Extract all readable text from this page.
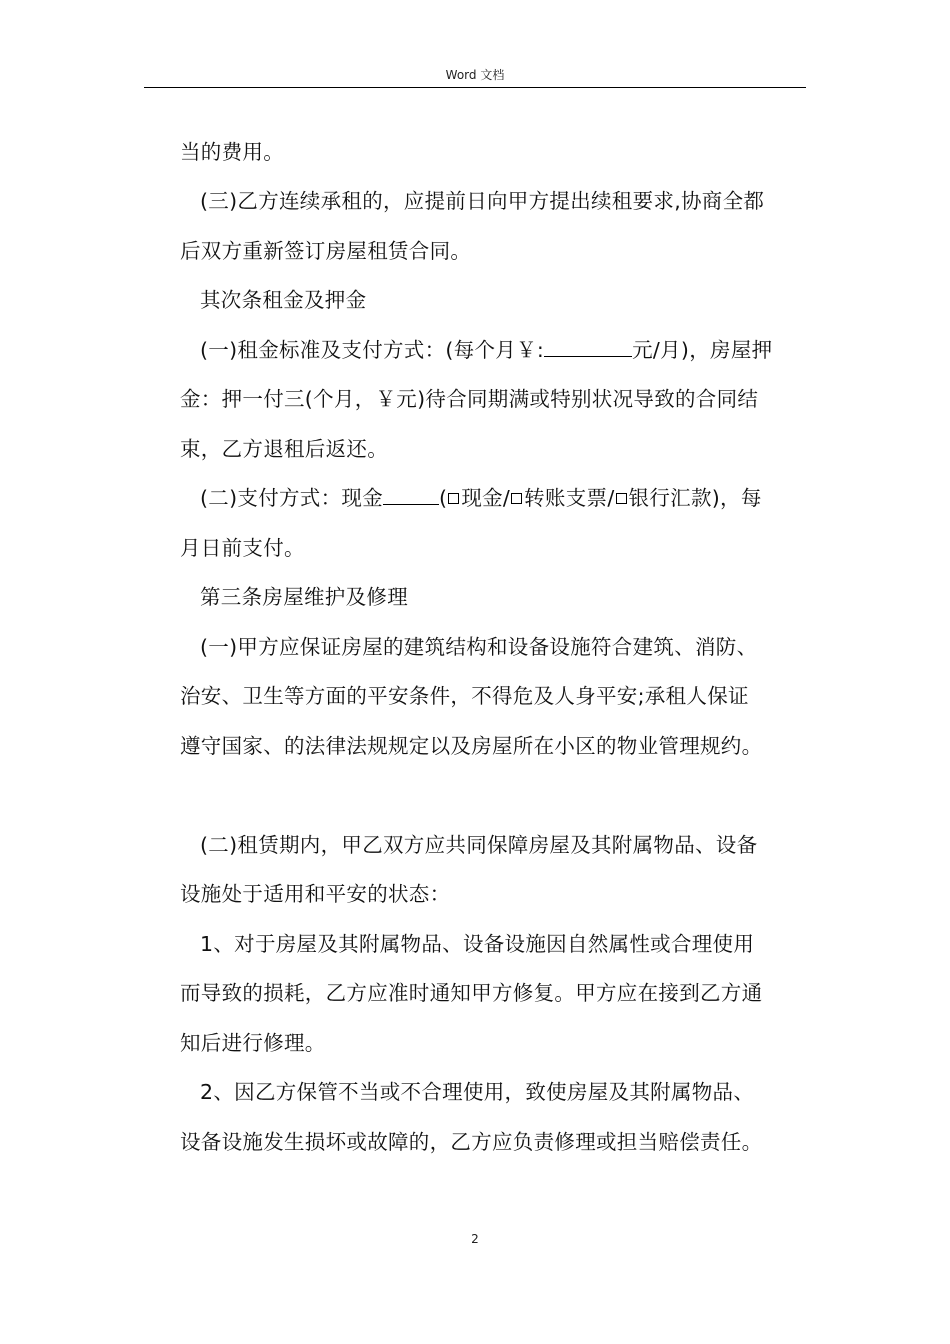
Word 文档
当的费用。
(三)乙方连续承租的，应提前日向甲方提出续租要求,协商全都
后双方重新签订房屋租赁合同。
其次条租金及押金
(一)租金标准及支付方式：(每个月￥:	元/月)，房屋押
金：押一付三(个月，￥元)待合同期满或特别状况导致的合同结
束，乙方退租后返还。
(二)支付方式：现金	( 现金/ 转账支票/ 银行汇款)，每
月日前支付。
第三条房屋维护及修理
(一)甲方应保证房屋的建筑结构和设备设施符合建筑、消防、
治安、卫生等方面的平安条件，不得危及人身平安;承租人保证
遵守国家、的法律法规规定以及房屋所在小区的物业管理规约。
(二)租赁期内，甲乙双方应共同保障房屋及其附属物品、设备
设施处于适用和平安的状态：
1、对于房屋及其附属物品、设备设施因自然属性或合理使用
而导致的损耗，乙方应准时通知甲方修复。甲方应在接到乙方通
知后进行修理。
2、因乙方保管不当或不合理使用，致使房屋及其附属物品、
设备设施发生损坏或故障的，乙方应负责修理或担当赔偿责任。
2
